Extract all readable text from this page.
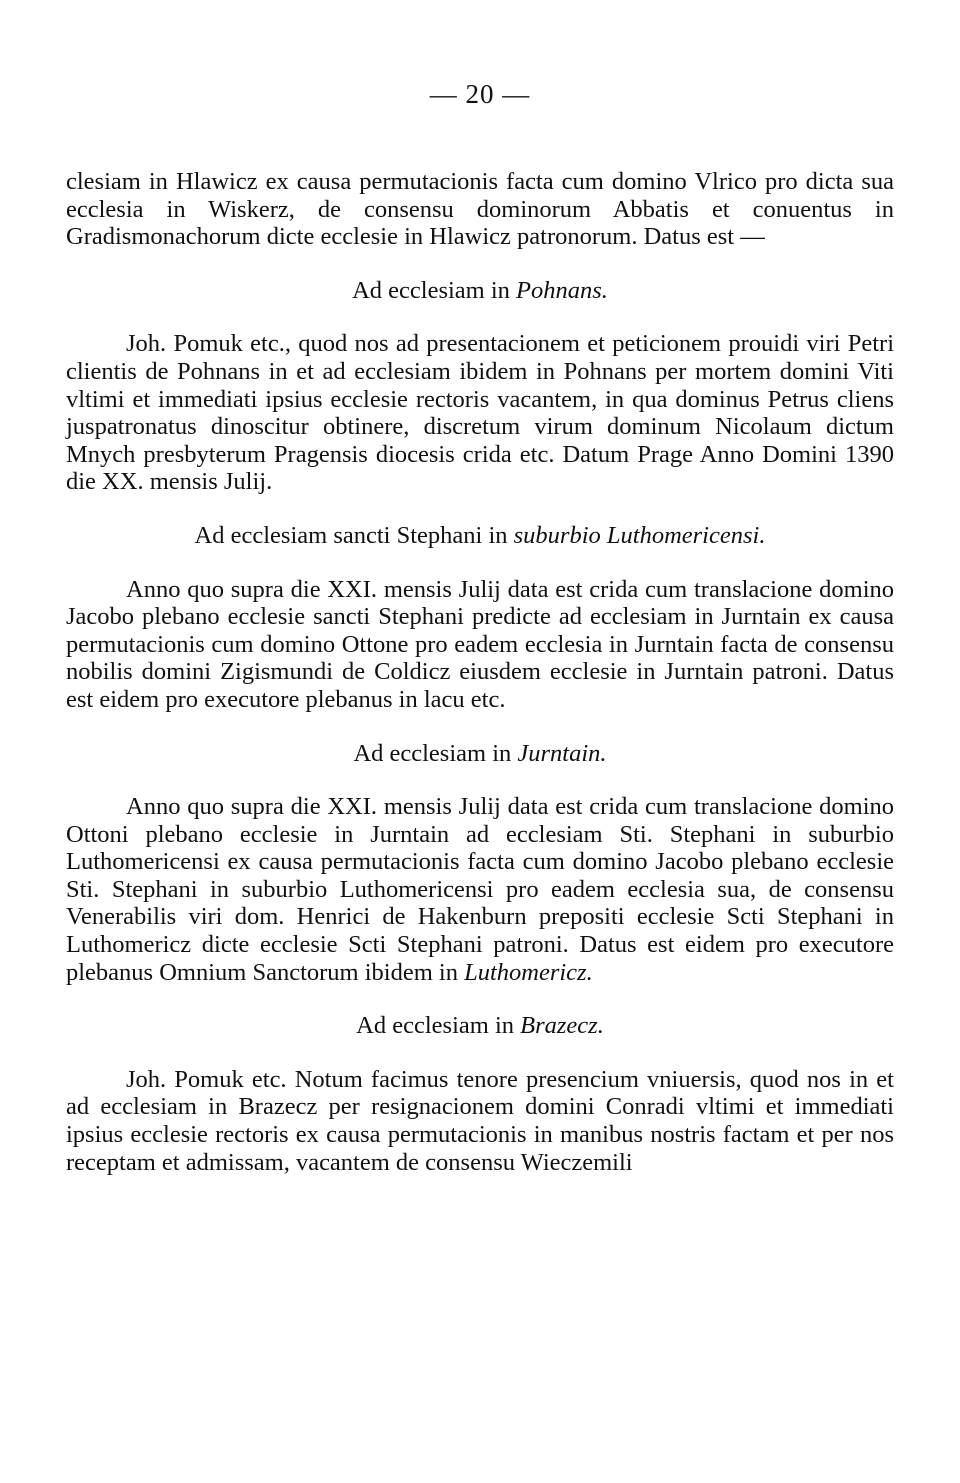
— 20 —

clesiam in Hlawicz ex causa permutacionis facta cum domino Vlrico pro dicta sua ecclesia in Wiskerz, de consensu dominorum Abbatis et conuentus in Gradismonachorum dicte ecclesie in Hlawicz patronorum. Datus est —

Ad ecclesiam in Pohnans.

Joh. Pomuk etc., quod nos ad presentacionem et peticionem prouidi viri Petri clientis de Pohnans in et ad ecclesiam ibidem in Pohnans per mortem domini Viti vltimi et immediati ipsius ecclesie rectoris vacantem, in qua dominus Petrus cliens juspatronatus dinoscitur obtinere, discretum virum dominum Nicolaum dictum Mnych presbyterum Pragensis diocesis crida etc. Datum Prage Anno Domini 1390 die XX. mensis Julij.

Ad ecclesiam sancti Stephani in suburbio Luthomericensi.

Anno quo supra die XXI. mensis Julij data est crida cum translacione domino Jacobo plebano ecclesie sancti Stephani predicte ad ecclesiam in Jurntain ex causa permutacionis cum domino Ottone pro eadem ecclesia in Jurntain facta de consensu nobilis domini Zigismundi de Coldicz eiusdem ecclesie in Jurntain patroni. Datus est eidem pro executore plebanus in lacu etc.

Ad ecclesiam in Jurntain.

Anno quo supra die XXI. mensis Julij data est crida cum translacione domino Ottoni plebano ecclesie in Jurntain ad ecclesiam Sti. Stephani in suburbio Luthomericensi ex causa permutacionis facta cum domino Jacobo plebano ecclesie Sti. Stephani in suburbio Luthomericensi pro eadem ecclesia sua, de consensu Venerabilis viri dom. Henrici de Hakenburn prepositi ecclesie Scti Stephani in Luthomericz dicte ecclesie Scti Stephani patroni. Datus est eidem pro executore plebanus Omnium Sanctorum ibidem in Luthomericz.

Ad ecclesiam in Brazecz.

Joh. Pomuk etc. Notum facimus tenore presencium vniuersis, quod nos in et ad ecclesiam in Brazecz per resignacionem domini Conradi vltimi et immediati ipsius ecclesie rectoris ex causa permutacionis in manibus nostris factam et per nos receptam et admissam, vacantem de consensu Wieczemili
